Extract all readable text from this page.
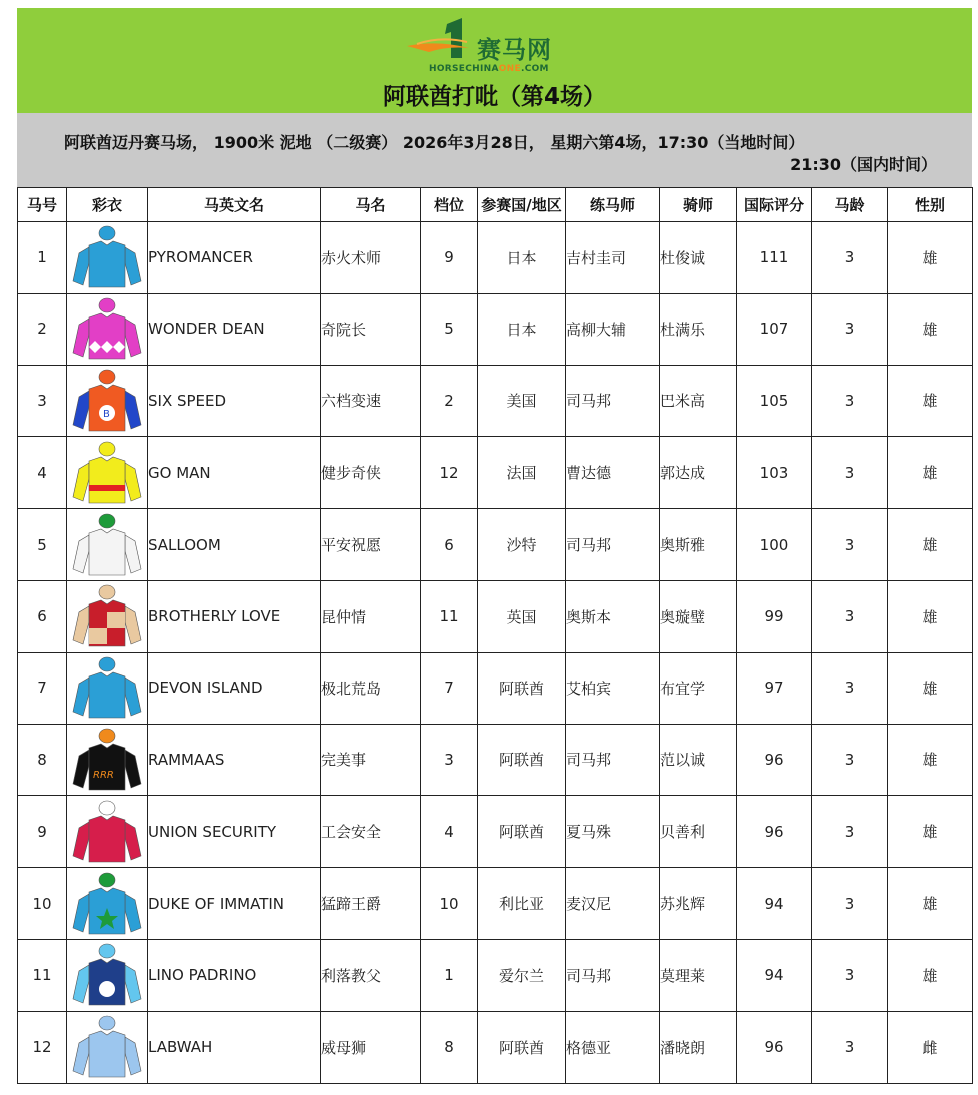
赛马网
HORSECHINAONE.COM
阿联酋打吡（第4场）
阿联酋迈丹赛马场， 1900米 泥地 （二级赛） 2026年3月28日， 星期六第4场，17:30（当地时间）
21:30（国内时间）
马号	彩衣	马英文名	马名	档位	参赛国/地区	练马师	骑师	国际评分	马龄	性别
1		PYROMANCER	赤火术师	9	日本	吉村圭司	杜俊诚	111	3	雄
2		WONDER DEAN	奇院长	5	日本	高柳大辅	杜满乐	107	3	雄
3	B	SIX SPEED	六档变速	2	美国	司马邦	巴米高	105	3	雄
4		GO MAN	健步奇侠	12	法国	曹达德	郭达成	103	3	雄
5		SALLOOM	平安祝愿	6	沙特	司马邦	奥斯雅	100	3	雄
6		BROTHERLY LOVE	昆仲情	11	英国	奥斯本	奥璇璧	99	3	雄
7		DEVON ISLAND	极北荒岛	7	阿联酋	艾柏宾	布宜学	97	3	雄
8	RRR	RAMMAAS	完美事	3	阿联酋	司马邦	范以诚	96	3	雄
9		UNION SECURITY	工会安全	4	阿联酋	夏马殊	贝善利	96	3	雄
10		DUKE OF IMMATIN	猛蹄王爵	10	利比亚	麦汉尼	苏兆辉	94	3	雄
11		LINO PADRINO	利落教父	1	爱尔兰	司马邦	莫理莱	94	3	雄
12		LABWAH	威母狮	8	阿联酋	格德亚	潘晓朗	96	3	雌
